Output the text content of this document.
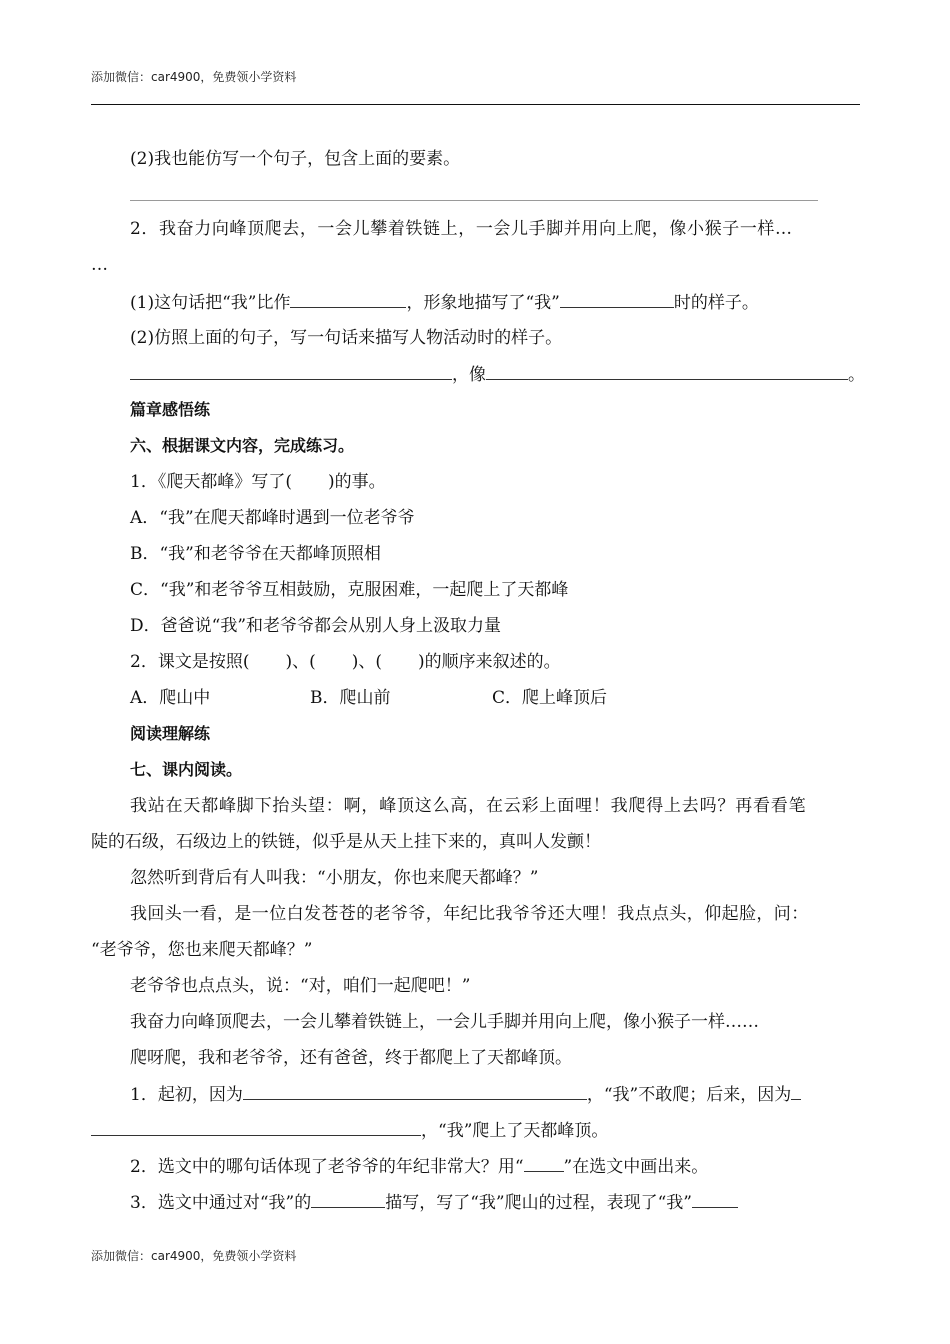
添加微信：car4900，免费领小学资料
(2)我也能仿写一个句子，包含上面的要素。
2．我奋力向峰顶爬去，一会儿攀着铁链上，一会儿手脚并用向上爬，像小猴子一样…
…
(1)这句话把“我”比作	，形象地描写了“我”	时的样子。
(2)仿照上面的句子，写一句话来描写人物活动时的样子。
，像	。
篇章感悟练
六、根据课文内容，完成练习。
1．《爬天都峰》写了( )的事。
A．“我”在爬天都峰时遇到一位老爷爷
B．“我”和老爷爷在天都峰顶照相
C．“我”和老爷爷互相鼓励，克服困难，一起爬上了天都峰
D．爸爸说“我”和老爷爷都会从别人身上汲取力量
2．课文是按照( )、( )、( )的顺序来叙述的。
A．爬山中	B．爬山前	C．爬上峰顶后
阅读理解练
七、课内阅读。
我站在天都峰脚下抬头望：啊，峰顶这么高，在云彩上面哩！我爬得上去吗？再看看笔
陡的石级，石级边上的铁链，似乎是从天上挂下来的，真叫人发颤！
忽然听到背后有人叫我：“小朋友，你也来爬天都峰？”
我回头一看，是一位白发苍苍的老爷爷，年纪比我爷爷还大哩！我点点头，仰起脸，问：
“老爷爷，您也来爬天都峰？”
老爷爷也点点头，说：“对，咱们一起爬吧！”
我奋力向峰顶爬去，一会儿攀着铁链上，一会儿手脚并用向上爬，像小猴子一样……
爬呀爬，我和老爷爷，还有爸爸，终于都爬上了天都峰顶。
1．起初，因为	，“我”不敢爬；后来，因为
，“我”爬上了天都峰顶。
2．选文中的哪句话体现了老爷爷的年纪非常大？用“ ”在选文中画出来。
3．选文中通过对“我”的	描写，写了“我”爬山的过程，表现了“我”
添加微信：car4900，免费领小学资料
